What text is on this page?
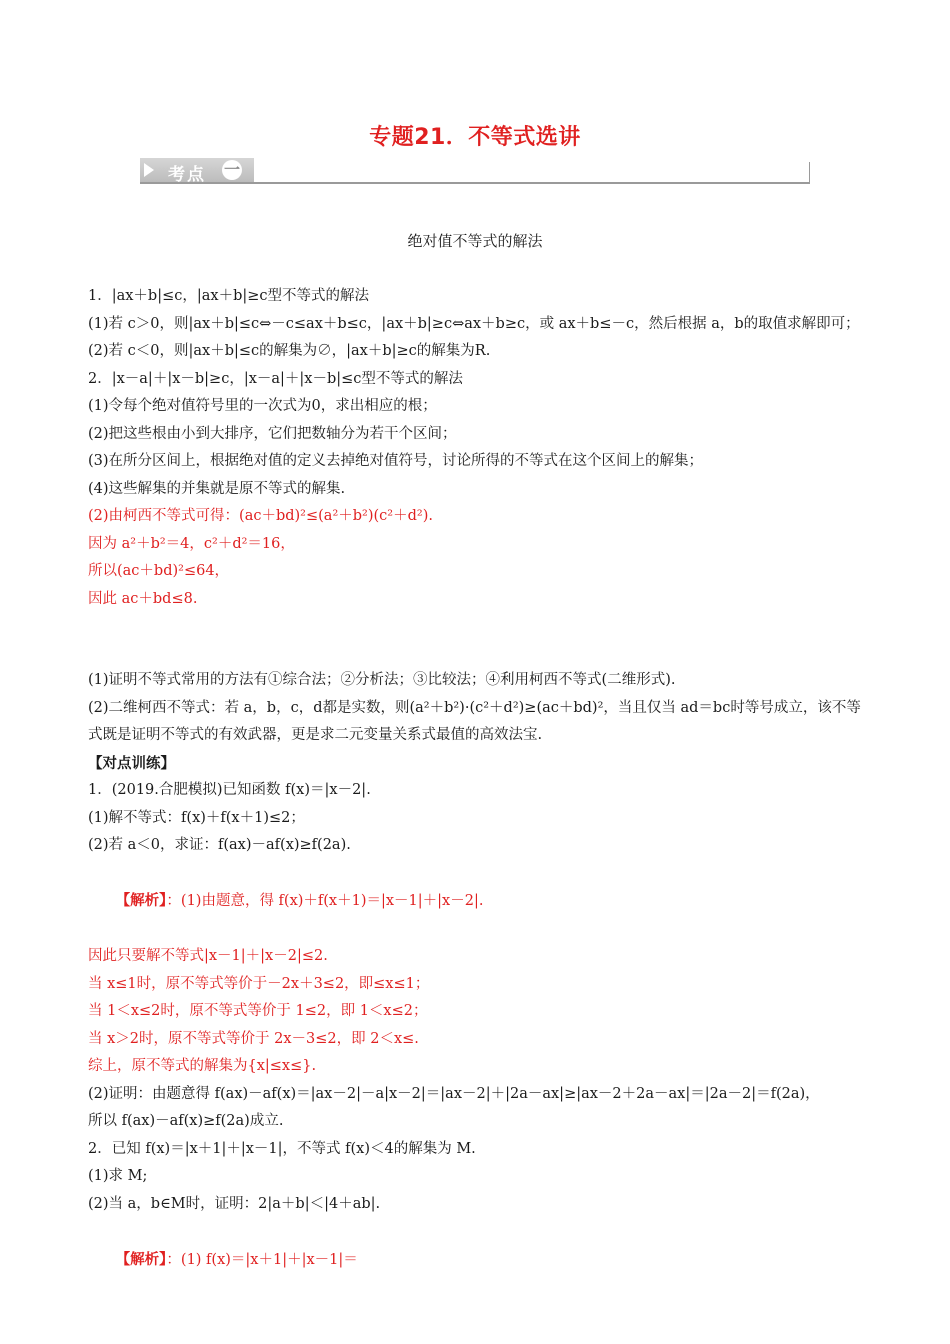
专题21．不等式选讲
考点 一
绝对值不等式的解法
1．|ax＋b|≤c，|ax＋b|≥c型不等式的解法
(1)若 c＞0，则|ax＋b|≤c⇔－c≤ax＋b≤c，|ax＋b|≥c⇔ax＋b≥c，或 ax＋b≤－c，然后根据 a，b的取值求解即可；
(2)若 c＜0，则|ax＋b|≤c的解集为∅，|ax＋b|≥c的解集为R.
2．|x－a|＋|x－b|≥c，|x－a|＋|x－b|≤c型不等式的解法
(1)令每个绝对值符号里的一次式为0，求出相应的根；
(2)把这些根由小到大排序，它们把数轴分为若干个区间；
(3)在所分区间上，根据绝对值的定义去掉绝对值符号，讨论所得的不等式在这个区间上的解集；
(4)这些解集的并集就是原不等式的解集.
(2)由柯西不等式可得：(ac＋bd)²≤(a²＋b²)(c²＋d²).
因为 a²＋b²＝4，c²＋d²＝16，
所以(ac＋bd)²≤64，
因此 ac＋bd≤8.
(1)证明不等式常用的方法有①综合法；②分析法；③比较法；④利用柯西不等式(二维形式).
(2)二维柯西不等式：若 a，b，c，d都是实数，则(a²＋b²)·(c²＋d²)≥(ac＋bd)²，当且仅当 ad＝bc时等号成立，该不等式既是证明不等式的有效武器，更是求二元变量关系式最值的高效法宝.
【对点训练】
1．(2019.合肥模拟)已知函数 f(x)＝|x－2|.
(1)解不等式：f(x)＋f(x＋1)≤2；
(2)若 a＜0，求证：f(ax)－af(x)≥f(2a).

【解析】：(1)由题意，得 f(x)＋f(x＋1)＝|x－1|＋|x－2|.

因此只要解不等式|x－1|＋|x－2|≤2.
当 x≤1时，原不等式等价于－2x＋3≤2，即≤x≤1；
当 1＜x≤2时，原不等式等价于 1≤2，即 1＜x≤2；
当 x＞2时，原不等式等价于 2x－3≤2，即 2＜x≤.
综上，原不等式的解集为{x|≤x≤}.
(2)证明：由题意得 f(ax)－af(x)＝|ax－2|－a|x－2|＝|ax－2|＋|2a－ax|≥|ax－2＋2a－ax|＝|2a－2|＝f(2a)，
所以 f(ax)－af(x)≥f(2a)成立.
2．已知 f(x)＝|x＋1|＋|x－1|，不等式 f(x)＜4的解集为 M.
(1)求 M;
(2)当 a，b∈M时，证明：2|a＋b|＜|4＋ab|.

【解析】：(1) f(x)＝|x＋1|＋|x－1|＝
